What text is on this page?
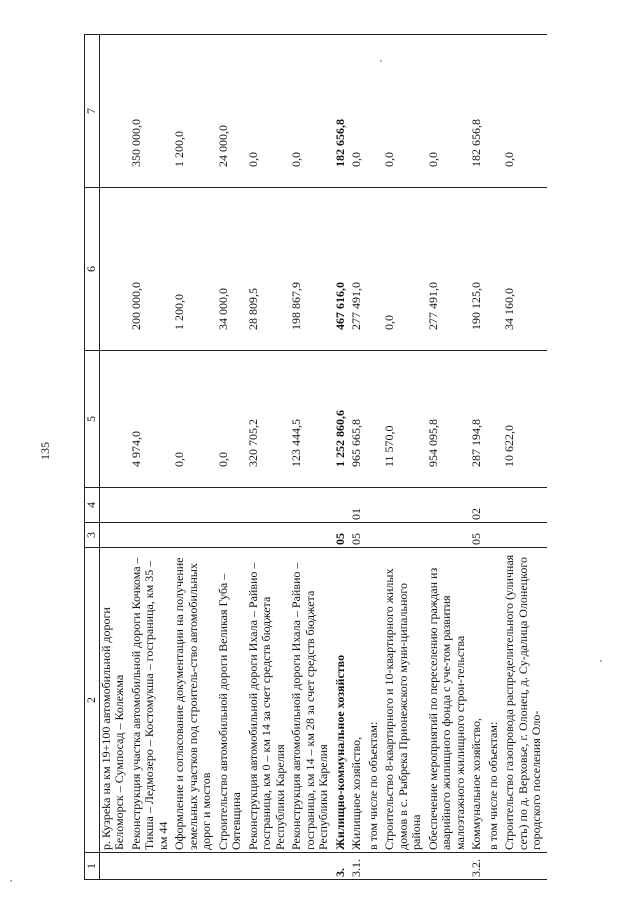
135
1	2	3	4	5	6	7
	р. Кузреka на км 19+100 автомобильной дороги Беломорск – Сумпосад – Колежма					
	Реконструкция участка автомобильной дороги Кочкома – Тикша – Ледмозеро – Костомукша – госграница, км 35 – км 44			4 974,0	200 000,0	350 000,0
	Оформление и согласование документации на получение земельных участков под строитель-ство автомобильных дорог и мостов			0,0	1 200,0	1 200,0
	Строительство автомобильной дороги Великая Губа – Оятевщина			0,0	34 000,0	24 000,0
	Реконструкция автомобильной дороги Ихала – Райвио – госграница, км 0 – км 14 за счет средств бюджета Республики Карелия			320 705,2	28 809,5	0,0
	Реконструкция автомобильной дороги Ихала – Райвио – госграница, км 14 – км 28 за счет средств бюджета Республики Карелия			123 444,5	198 867,9	0,0
3.	Жилищно-коммунальное хозяйство	05		1 252 860,6	467 616,0	182 656,8
3.1.	Жилищное хозяйство,	05	01	965 665,8	277 491,0	0,0
	в том числе по объектам:					
	Строительство 8-квартирного и 10-квартирного жилых домов в с. Рыбрека Прионежского муни-ципального района			11 570,0	0,0	0,0
	Обеспечение мероприятий по переселению граждан из аварийного жилищного фонда с уче-том развития малоэтажного жилищного строи-тельства			954 095,8	277 491,0	0,0
3.2.	Коммунальное хозяйство,	05	02	287 194,8	190 125,0	182 656,8
	в том числе по объектам:					
	Строительство газопровода распределительного (уличная сеть) по д. Верховье, г. Олонец, д. Су-далица Олонецкого городского поселения Оло-			10 622,0	34 160,0	0,0
